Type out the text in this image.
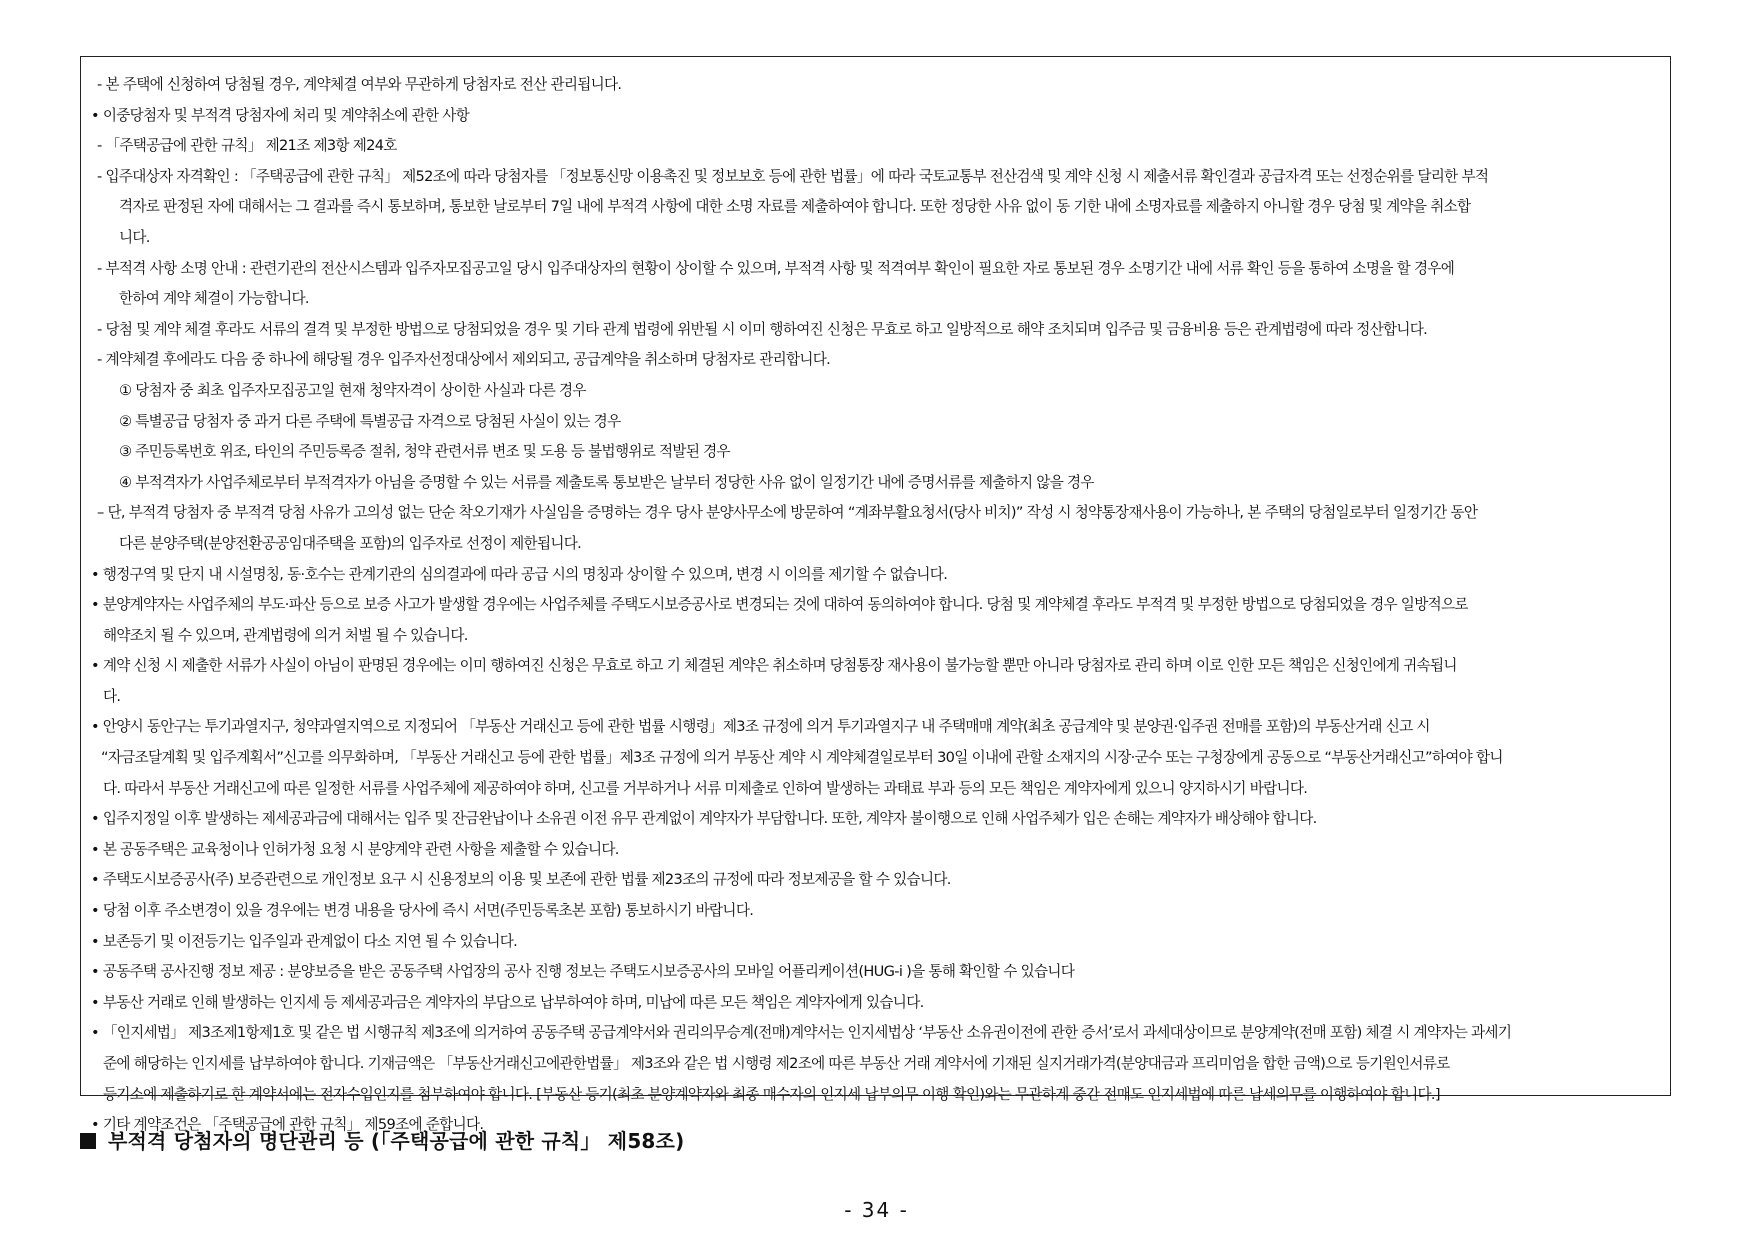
- 본 주택에 신청하여 당첨될 경우, 계약체결 여부와 무관하게 당첨자로 전산 관리됩니다.
• 이중당첨자 및 부적격 당첨자에 처리 및 계약취소에 관한 사항
- 「주택공급에 관한 규칙」 제21조 제3항 제24호
- 입주대상자 자격확인 : 「주택공급에 관한 규칙」 제52조에 따라 당첨자를 「정보통신망 이용촉진 및 정보보호 등에 관한 법률」에 따라 국토교통부 전산검색 및 계약 신청 시 제출서류 확인결과 공급자격 또는 선정순위를 달리한 부적
격자로 판정된 자에 대해서는 그 결과를 즉시 통보하며, 통보한 날로부터 7일 내에 부적격 사항에 대한 소명 자료를 제출하여야 합니다. 또한 정당한 사유 없이 동 기한 내에 소명자료를 제출하지 아니할 경우 당첨 및 계약을 취소합
니다.
- 부적격 사항 소명 안내 : 관련기관의 전산시스템과 입주자모집공고일 당시 입주대상자의 현황이 상이할 수 있으며, 부적격 사항 및 적격여부 확인이 필요한 자로 통보된 경우 소명기간 내에 서류 확인 등을 통하여 소명을 할 경우에
한하여 계약 체결이 가능합니다.
- 당첨 및 계약 체결 후라도 서류의 결격 및 부정한 방법으로 당첨되었을 경우 및 기타 관계 법령에 위반될 시 이미 행하여진 신청은 무효로 하고 일방적으로 해약 조치되며 입주금 및 금융비용 등은 관계법령에 따라 정산합니다.
- 계약체결 후에라도 다음 중 하나에 해당될 경우 입주자선정대상에서 제외되고, 공급계약을 취소하며 당첨자로 관리합니다.
① 당첨자 중 최초 입주자모집공고일 현재 청약자격이 상이한 사실과 다른 경우
② 특별공급 당첨자 중 과거 다른 주택에 특별공급 자격으로 당첨된 사실이 있는 경우
③ 주민등록번호 위조, 타인의 주민등록증 절취, 청약 관련서류 변조 및 도용 등 불법행위로 적발된 경우
④ 부적격자가 사업주체로부터 부적격자가 아님을 증명할 수 있는 서류를 제출토록 통보받은 날부터 정당한 사유 없이 일정기간 내에 증명서류를 제출하지 않을 경우
– 단, 부적격 당첨자 중 부적격 당첨 사유가 고의성 없는 단순 착오기재가 사실임을 증명하는 경우 당사 분양사무소에 방문하여 “계좌부활요청서(당사 비치)” 작성 시 청약통장재사용이 가능하나, 본 주택의 당첨일로부터 일정기간 동안
다른 분양주택(분양전환공공임대주택을 포함)의 입주자로 선정이 제한됩니다.
• 행정구역 및 단지 내 시설명칭, 동·호수는 관계기관의 심의결과에 따라 공급 시의 명칭과 상이할 수 있으며, 변경 시 이의를 제기할 수 없습니다.
• 분양계약자는 사업주체의 부도·파산 등으로 보증 사고가 발생할 경우에는 사업주체를 주택도시보증공사로 변경되는 것에 대하여 동의하여야 합니다. 당첨 및 계약체결 후라도 부적격 및 부정한 방법으로 당첨되었을 경우 일방적으로
해약조치 될 수 있으며, 관계법령에 의거 처벌 될 수 있습니다.
• 계약 신청 시 제출한 서류가 사실이 아님이 판명된 경우에는 이미 행하여진 신청은 무효로 하고 기 체결된 계약은 취소하며 당첨통장 재사용이 불가능할 뿐만 아니라 당첨자로 관리 하며 이로 인한 모든 책임은 신청인에게 귀속됩니
다.
• 안양시 동안구는 투기과열지구, 청약과열지역으로 지정되어 「부동산 거래신고 등에 관한 법률 시행령」제3조 규정에 의거 투기과열지구 내 주택매매 계약(최초 공급계약 및 분양권·입주권 전매를 포함)의 부동산거래 신고 시
“자금조달계획 및 입주계획서”신고를 의무화하며, 「부동산 거래신고 등에 관한 법률」제3조 규정에 의거 부동산 계약 시 계약체결일로부터 30일 이내에 관할 소재지의 시장·군수 또는 구청장에게 공동으로 “부동산거래신고”하여야 합니
다. 따라서 부동산 거래신고에 따른 일정한 서류를 사업주체에 제공하여야 하며, 신고를 거부하거나 서류 미제출로 인하여 발생하는 과태료 부과 등의 모든 책임은 계약자에게 있으니 양지하시기 바랍니다.
• 입주지정일 이후 발생하는 제세공과금에 대해서는 입주 및 잔금완납이나 소유권 이전 유무 관계없이 계약자가 부담합니다. 또한, 계약자 불이행으로 인해 사업주체가 입은 손해는 계약자가 배상해야 합니다.
• 본 공동주택은 교육청이나 인허가청 요청 시 분양계약 관련 사항을 제출할 수 있습니다.
• 주택도시보증공사(주) 보증관련으로 개인정보 요구 시 신용정보의 이용 및 보존에 관한 법률 제23조의 규정에 따라 정보제공을 할 수 있습니다.
• 당첨 이후 주소변경이 있을 경우에는 변경 내용을 당사에 즉시 서면(주민등록초본 포함) 통보하시기 바랍니다.
• 보존등기 및 이전등기는 입주일과 관계없이 다소 지연 될 수 있습니다.
• 공동주택 공사진행 정보 제공 : 분양보증을 받은 공동주택 사업장의 공사 진행 정보는 주택도시보증공사의 모바일 어플리케이션(HUG-i )을 통해 확인할 수 있습니다
• 부동산 거래로 인해 발생하는 인지세 등 제세공과금은 계약자의 부담으로 납부하여야 하며, 미납에 따른 모든 책임은 계약자에게 있습니다.
• 「인지세법」 제3조제1항제1호 및 같은 법 시행규칙 제3조에 의거하여 공동주택 공급계약서와 권리의무승계(전매)계약서는 인지세법상 ‘부동산 소유권이전에 관한 증서’로서 과세대상이므로 분양계약(전매 포함) 체결 시 계약자는 과세기
준에 해당하는 인지세를 납부하여야 합니다. 기재금액은 「부동산거래신고에관한법률」 제3조와 같은 법 시행령 제2조에 따른 부동산 거래 계약서에 기재된 실지거래가격(분양대금과 프리미엄을 합한 금액)으로 등기원인서류로
등기소에 제출하기로 한 계약서에는 전자수입인지를 첨부하여야 합니다. [부동산 등기(최초 분양계약자와 최종 매수자의 인지세 납부의무 이행 확인)와는 무관하게 중간 전매도 인지세법에 따른 납세의무를 이행하여야 합니다.]
• 기타 계약조건은 「주택공급에 관한 규칙」 제59조에 준합니다.
부적격 당첨자의 명단관리 등 (「주택공급에 관한 규칙」 제58조)
- 34 -
